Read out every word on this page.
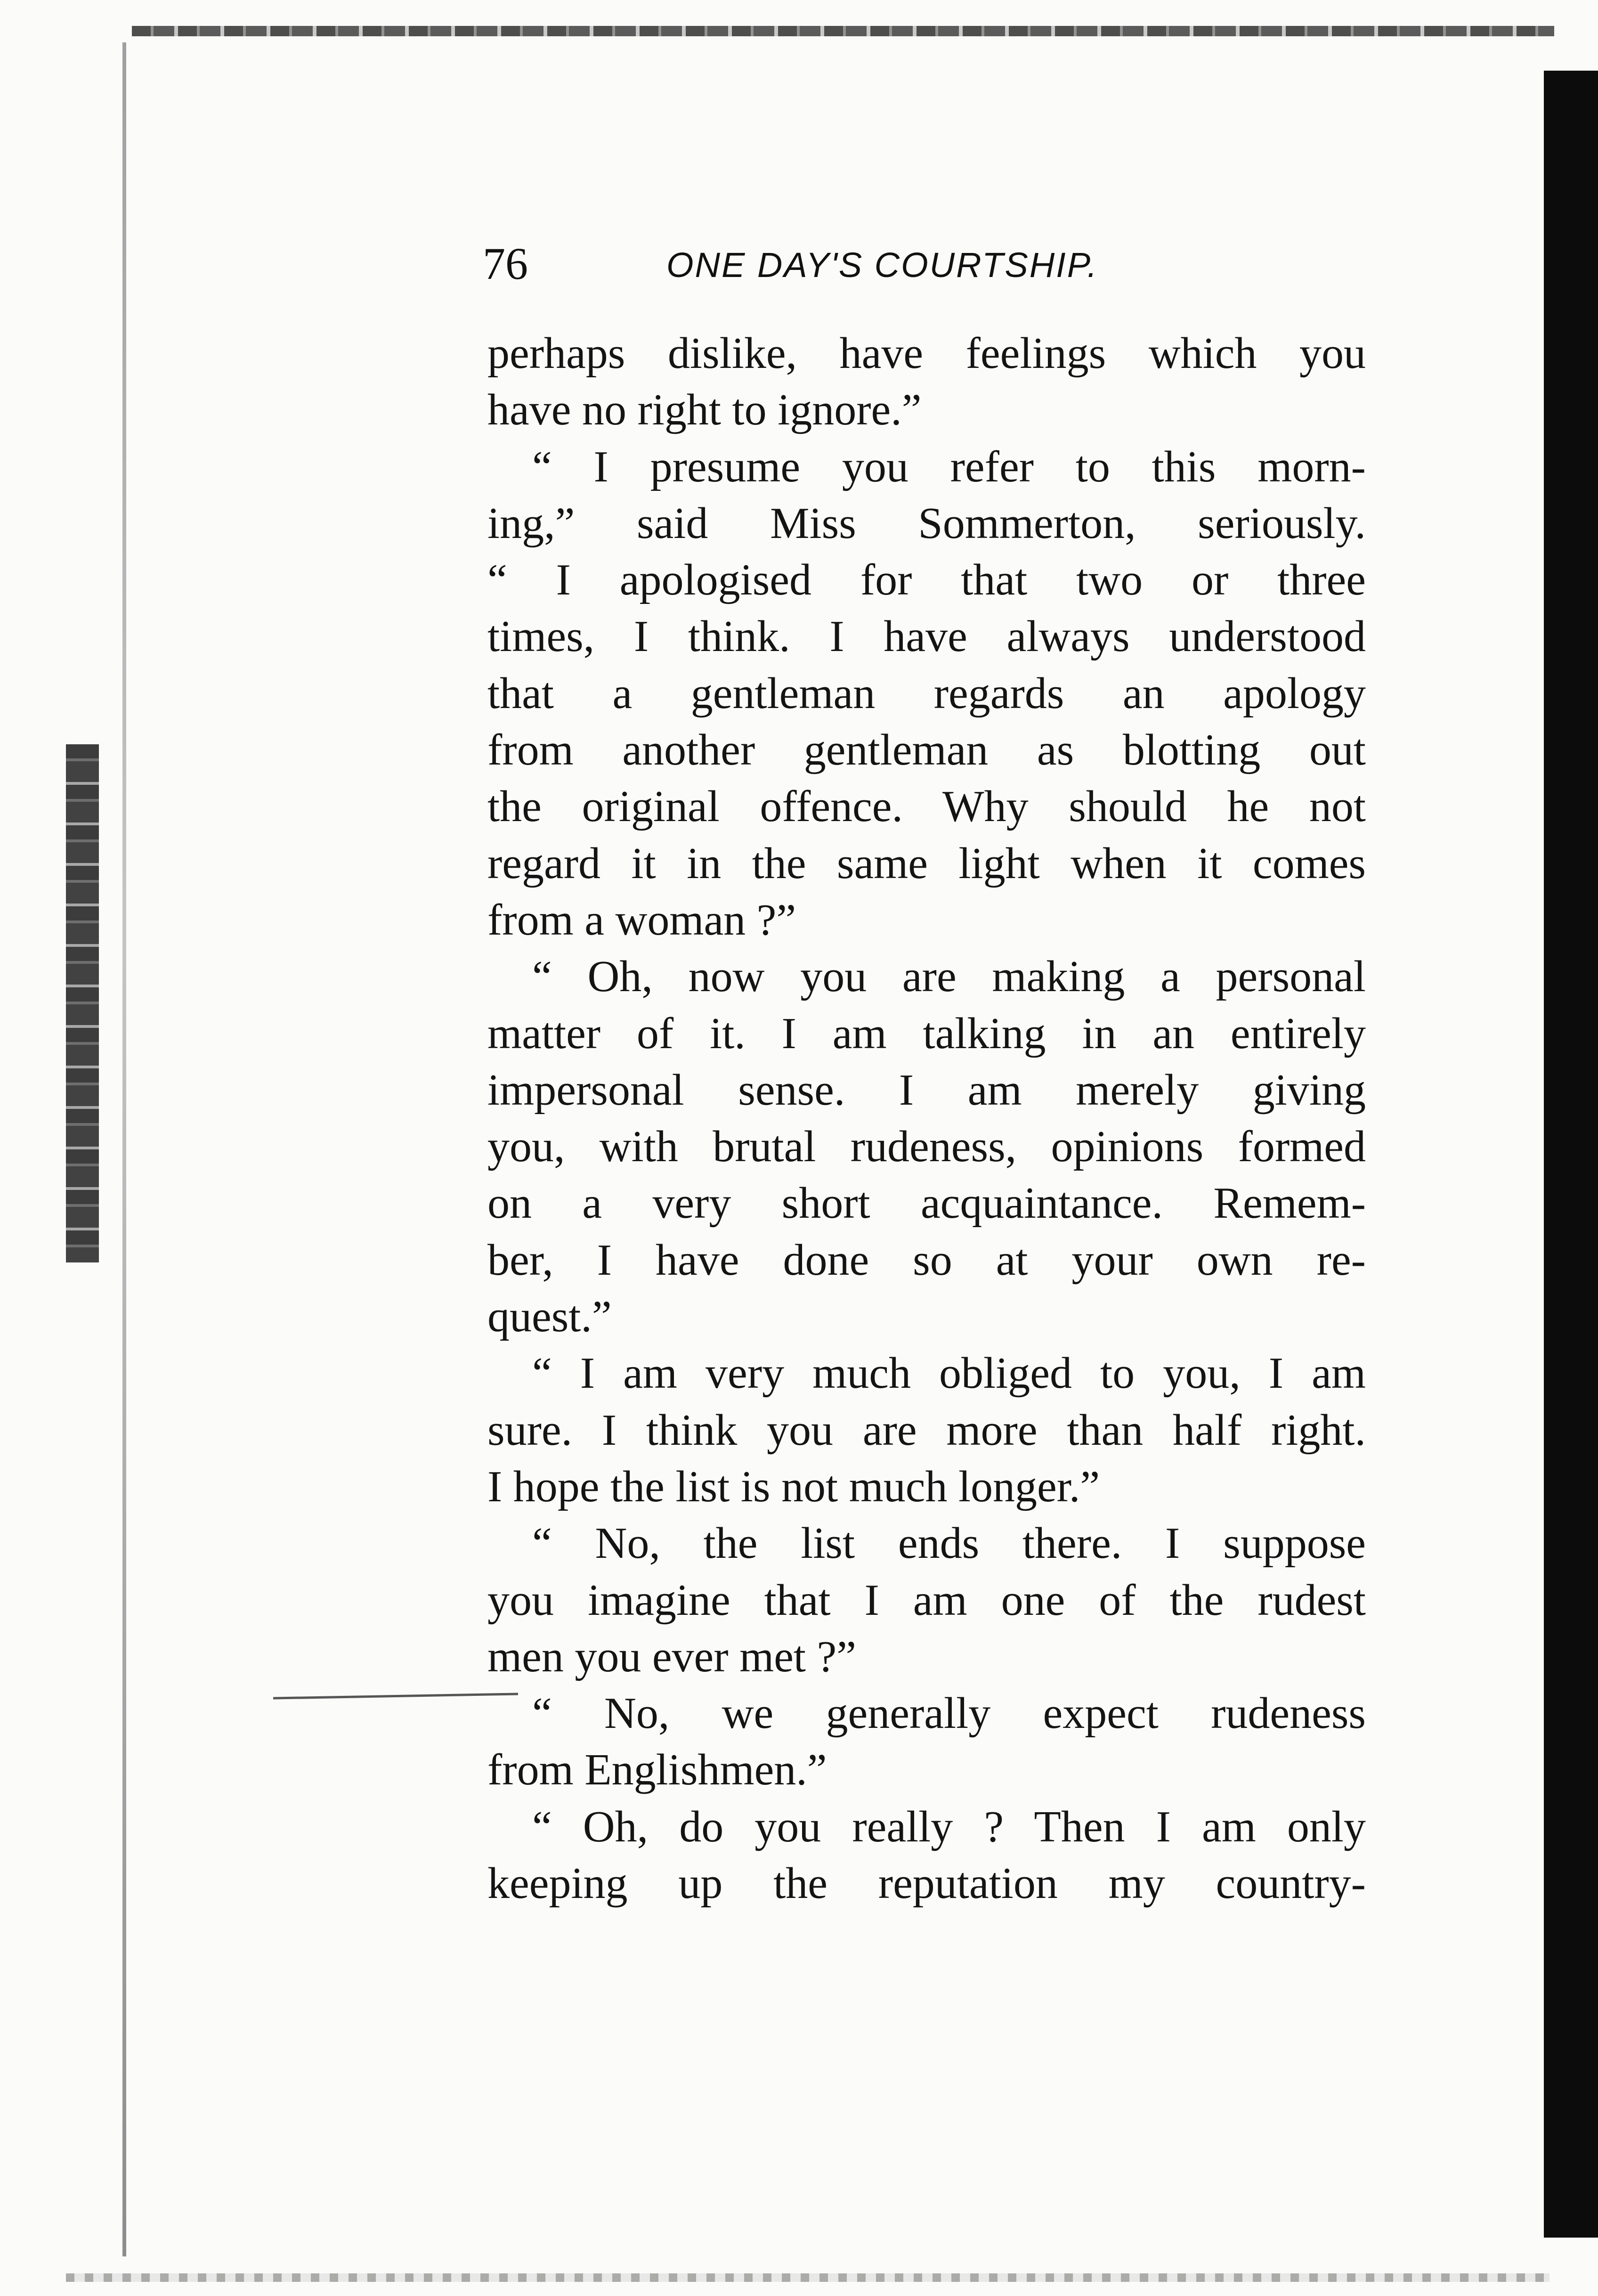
76	ONE DAY'S COURTSHIP.
perhaps dislike, have feelings which you
have no right to ignore.”
“ I presume you refer to this morn-
ing,” said Miss Sommerton, seriously.
“ I apologised for that two or three
times, I think. I have always understood
that a gentleman regards an apology
from another gentleman as blotting out
the original offence. Why should he not
regard it in the same light when it comes
from a woman ?”
“ Oh, now you are making a personal
matter of it. I am talking in an entirely
impersonal sense. I am merely giving
you, with brutal rudeness, opinions formed
on a very short acquaintance. Remem-
ber, I have done so at your own re-
quest.”
“ I am very much obliged to you, I am
sure. I think you are more than half right.
I hope the list is not much longer.”
“ No, the list ends there. I suppose
you imagine that I am one of the rudest
men you ever met ?”
“ No, we generally expect rudeness
from Englishmen.”
“ Oh, do you really ? Then I am only
keeping up the reputation my country-
